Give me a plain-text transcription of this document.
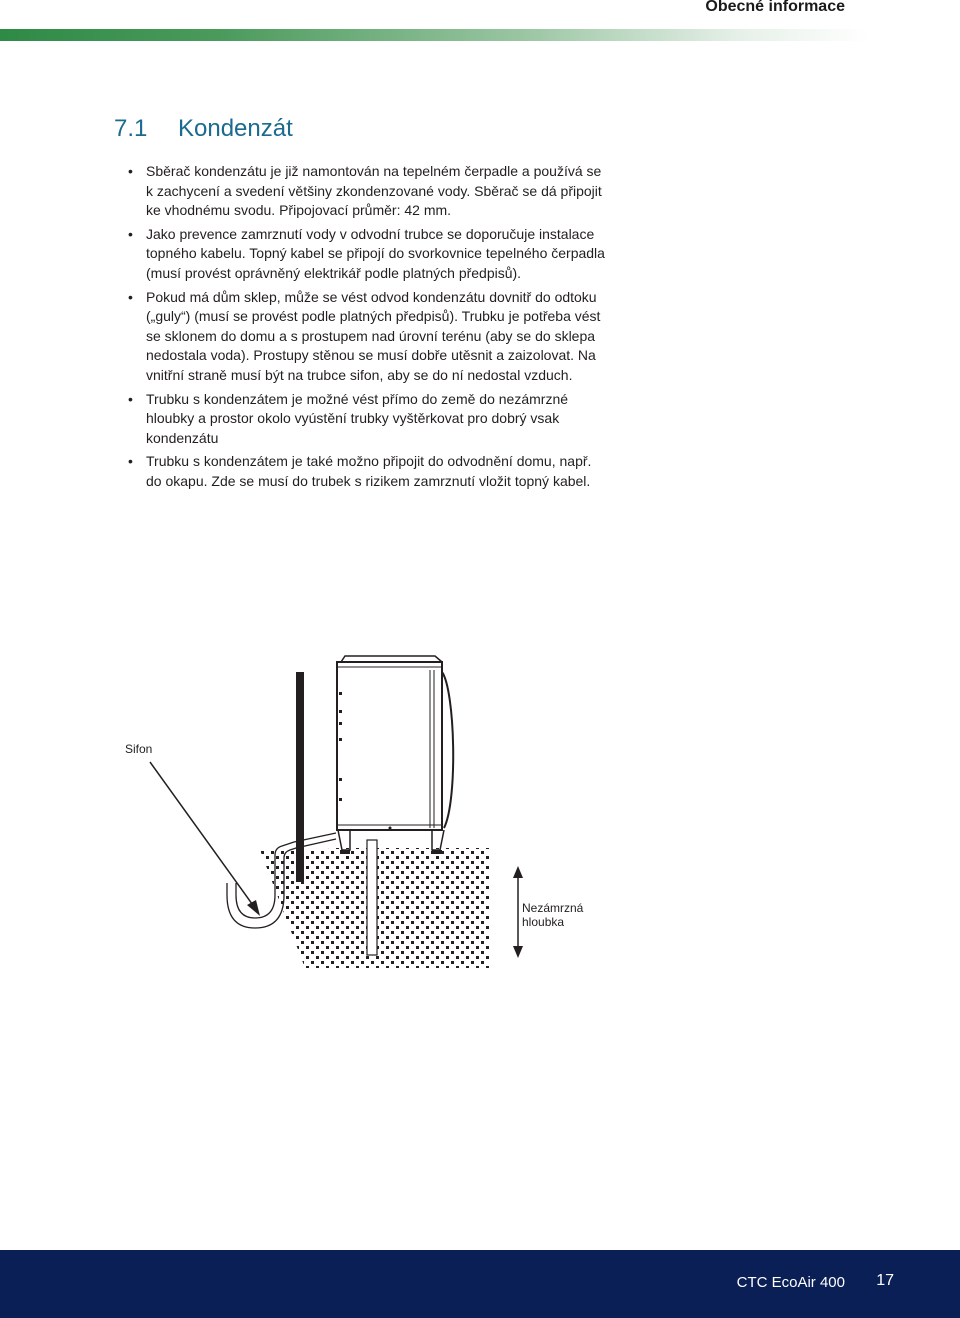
Obecné informace
7.1 Kondenzát
• Sběrač kondenzátu je již namontován na tepelném čerpadle a používá se k zachycení a svedení většiny zkondenzované vody. Sběrač se dá připojit ke vhodnému svodu. Připojovací průměr: 42 mm.
• Jako prevence zamrznutí vody v odvodní trubce se doporučuje instalace topného kabelu. Topný kabel se připojí do svorkovnice tepelného čerpadla (musí provést oprávněný elektrikář podle platných předpisů).
• Pokud má dům sklep, může se vést odvod kondenzátu dovnitř do odtoku („guly“) (musí se provést podle platných předpisů). Trubku je potřeba vést se sklonem do domu a s prostupem nad úrovní terénu (aby se do sklepa nedostala voda). Prostupy stěnou se musí dobře utěsnit a zaizolovat. Na vnitřní straně musí být na trubce sifon, aby se do ní nedostal vzduch.
• Trubku s kondenzátem je možné vést přímo do země do nezámrzné hloubky a prostor okolo vyústění trubky vyštěrkovat pro dobrý vsak kondenzátu
• Trubku s kondenzátem je také možno připojit do odvodnění domu, např. do okapu. Zde se musí do trubek s rizikem zamrznutí vložit topný kabel.
Sifon
Nezámrzná
hloubka
CTC EcoAir 400 17
